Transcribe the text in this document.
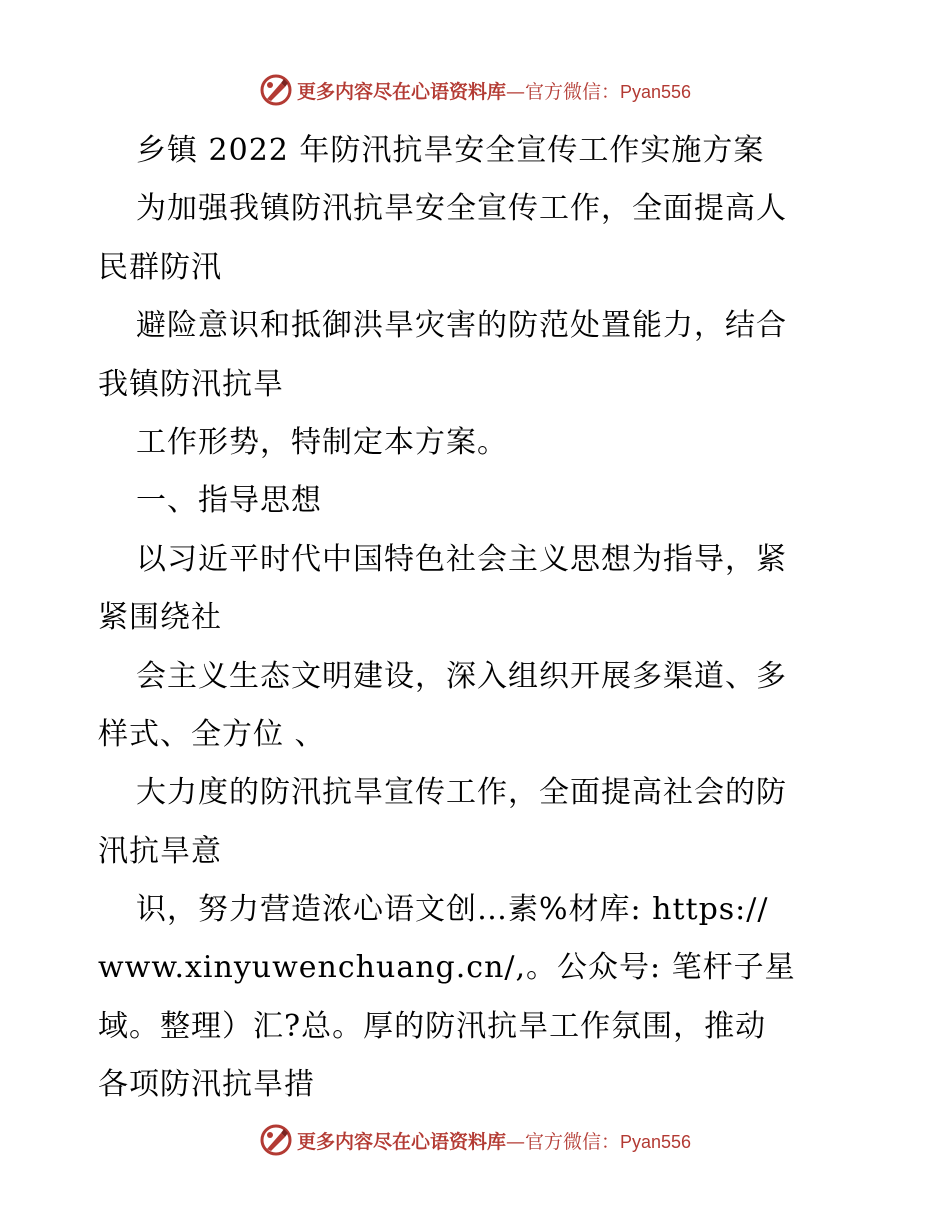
更多内容尽在心语资料库—官方微信：Pyan556
乡镇 2022 年防汛抗旱安全宣传工作实施方案
为加强我镇防汛抗旱安全宣传工作，全面提高人
民群防汛
避险意识和抵御洪旱灾害的防范处置能力，结合
我镇防汛抗旱
工作形势，特制定本方案。
一、指导思想
以习近平时代中国特色社会主义思想为指导，紧
紧围绕社
会主义生态文明建设，深入组织开展多渠道、多
样式、全方位 、
大力度的防汛抗旱宣传工作，全面提高社会的防
汛抗旱意
识，努力营造浓心语文创…素%材库: https://
www.xinyuwenchuang.cn/,。公众号: 笔杆子星
域。整理）汇?总。厚的防汛抗旱工作氛围，推动
各项防汛抗旱措
更多内容尽在心语资料库—官方微信：Pyan556
